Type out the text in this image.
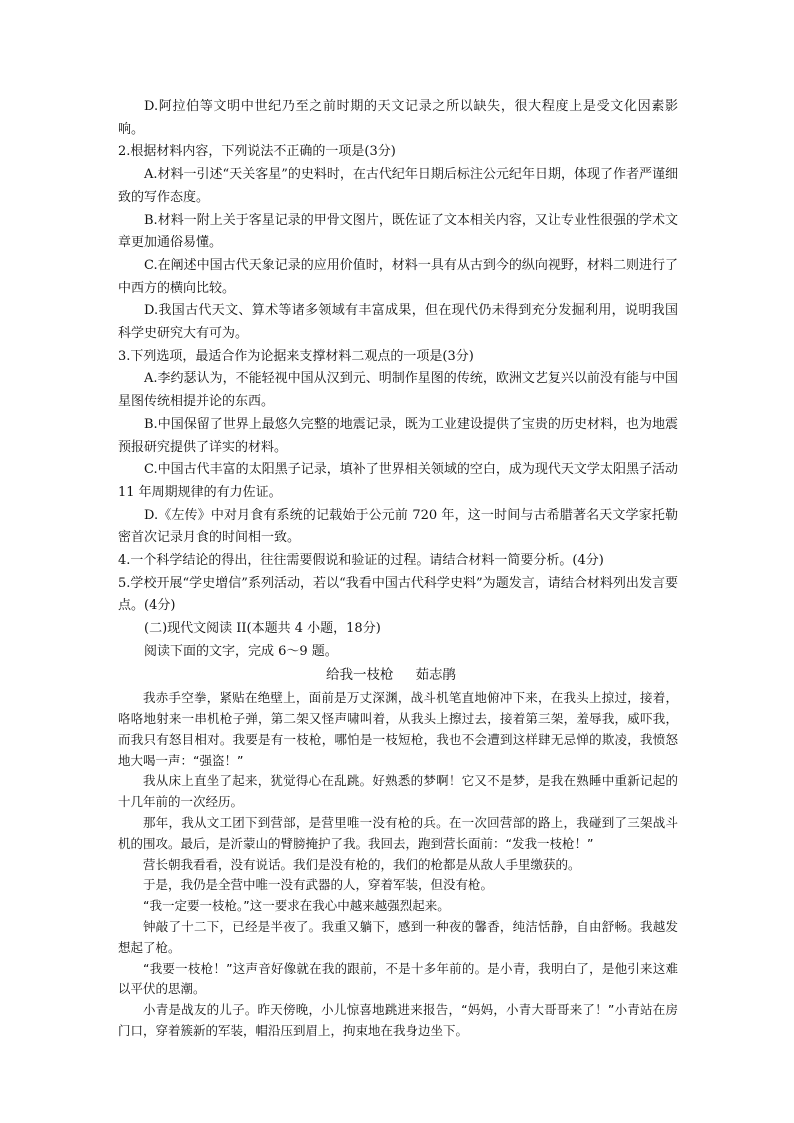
D.阿拉伯等文明中世纪乃至之前时期的天文记录之所以缺失，很大程度上是受文化因素影响。

2.根据材料内容，下列说法不正确的一项是(3分)

A.材料一引述“天关客星”的史料时，在古代纪年日期后标注公元纪年日期，体现了作者严谨细致的写作态度。

B.材料一附上关于客星记录的甲骨文图片，既佐证了文本相关内容，又让专业性很强的学术文章更加通俗易懂。

C.在阐述中国古代天象记录的应用价值时，材料一具有从古到今的纵向视野，材料二则进行了中西方的横向比较。

D.我国古代天文、算术等诸多领域有丰富成果，但在现代仍未得到充分发掘利用，说明我国科学史研究大有可为。

3.下列选项，最适合作为论据来支撑材料二观点的一项是(3分)

A.李约瑟认为，不能轻视中国从汉到元、明制作星图的传统，欧洲文艺复兴以前没有能与中国星图传统相提并论的东西。

B.中国保留了世界上最悠久完整的地震记录，既为工业建设提供了宝贵的历史材料，也为地震预报研究提供了详实的材料。

C.中国古代丰富的太阳黑子记录，填补了世界相关领域的空白，成为现代天文学太阳黑子活动 11 年周期规律的有力佐证。

D.《左传》中对月食有系统的记载始于公元前 720 年，这一时间与古希腊著名天文学家托勒密首次记录月食的时间相一致。

4.一个科学结论的得出，往往需要假说和验证的过程。请结合材料一简要分析。(4分)

5.学校开展“学史增信”系列活动，若以“我看中国古代科学史料”为题发言，请结合材料列出发言要点。(4分)

(二)现代文阅读 II(本题共 4 小题，18分)

阅读下面的文字，完成 6～9 题。

给我一枝枪 茹志鹃

我赤手空拳，紧贴在绝壁上，面前是万丈深渊，战斗机笔直地俯冲下来，在我头上掠过，接着，咯咯地射来一串机枪子弹，第二架又怪声啸叫着，从我头上擦过去，接着第三架，羞辱我，威吓我，而我只有怒目相对。我要是有一枝枪，哪怕是一枝短枪，我也不会遭到这样肆无忌惮的欺凌，我愤怒地大喝一声：“强盗！”

我从床上直坐了起来，犹觉得心在乱跳。好熟悉的梦啊！它又不是梦，是我在熟睡中重新记起的十几年前的一次经历。

那年，我从文工团下到营部，是营里唯一没有枪的兵。在一次回营部的路上，我碰到了三架战斗机的围攻。最后，是沂蒙山的臂膀掩护了我。我回去，跑到营长面前：“发我一枝枪！”

营长朝我看看，没有说话。我们是没有枪的，我们的枪都是从敌人手里缴获的。

于是，我仍是全营中唯一没有武器的人，穿着军装，但没有枪。

“我一定要一枝枪。”这一要求在我心中越来越强烈起来。

钟敲了十二下，已经是半夜了。我重又躺下，感到一种夜的馨香，纯洁恬静，自由舒畅。我越发想起了枪。

“我要一枝枪！”这声音好像就在我的跟前，不是十多年前的。是小青，我明白了，是他引来这难以平伏的思潮。

小青是战友的儿子。昨天傍晚，小儿惊喜地跳进来报告，“妈妈，小青大哥哥来了！”小青站在房门口，穿着簇新的军装，帽沿压到眉上，拘束地在我身边坐下。
